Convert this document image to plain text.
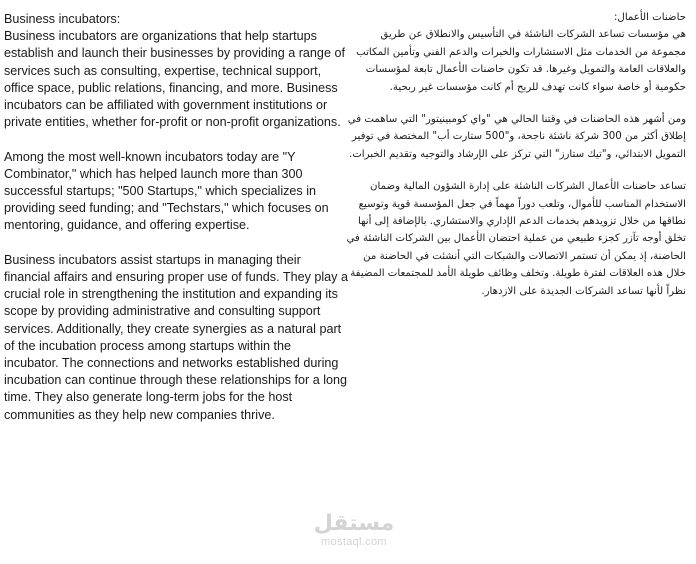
Business incubators:
Business incubators are organizations that help startups establish and launch their businesses by providing a range of services such as consulting, expertise, technical support, office space, public relations, financing, and more. Business incubators can be affiliated with government institutions or private entities, whether for-profit or non-profit organizations.

Among the most well-known incubators today are "Y Combinator," which has helped launch more than 300 successful startups; "500 Startups," which specializes in providing seed funding; and "Techstars," which focuses on mentoring, guidance, and offering expertise.

Business incubators assist startups in managing their financial affairs and ensuring proper use of funds. They play a crucial role in strengthening the institution and expanding its scope by providing administrative and consulting support services. Additionally, they create synergies as a natural part of the incubation process among startups within the incubator. The connections and networks established during incubation can continue through these relationships for a long time. They also generate long-term jobs for the host communities as they help new companies thrive.

حاضنات الأعمال:
هي مؤسسات تساعد الشركات الناشئة في التأسيس والانطلاق عن طريق مجموعة من الخدمات مثل الاستشارات والخبرات والدعم الفني وتأمين المكاتب والعلاقات العامة والتمويل وغيرها. قد تكون حاضنات الأعمال تابعة لمؤسسات حكومية أو خاصة سواء كانت تهدف للربح أم كانت مؤسسات غير ربحية.

ومن أشهر هذه الحاضنات في وقتنا الحالي هي "واي كومبينيتور" التي ساهمت في إطلاق أكثر من 300 شركة ناشئة ناجحة، و"500 ستارت أب" المختصة في توفير التمويل الابتدائي، و"تيك ستارز" التي تركز على الإرشاد والتوجيه وتقديم الخبرات.

تساعد حاضنات الأعمال الشركات الناشئة على إدارة الشؤون المالية وضمان الاستخدام المناسب للأموال، وتلعب دوراً مهماً في جعل المؤسسة قوية وتوسيع نطاقها من خلال تزويدهم بخدمات الدعم الإداري والاستشاري. بالإضافة إلى أنها تخلق أوجه تآزر كجزء طبيعي من عملية احتضان الأعمال بين الشركات الناشئة في الحاضنة، إذ يمكن أن تستمر الاتصالات والشبكات التي أنشئت في الحاضنة من خلال هذه العلاقات لفترة طويلة. وتخلف وظائف طويلة الأمد للمجتمعات المضيفة نظراً لأنها تساعد الشركات الجديدة على الازدهار.

مستقل
mostaql.com
